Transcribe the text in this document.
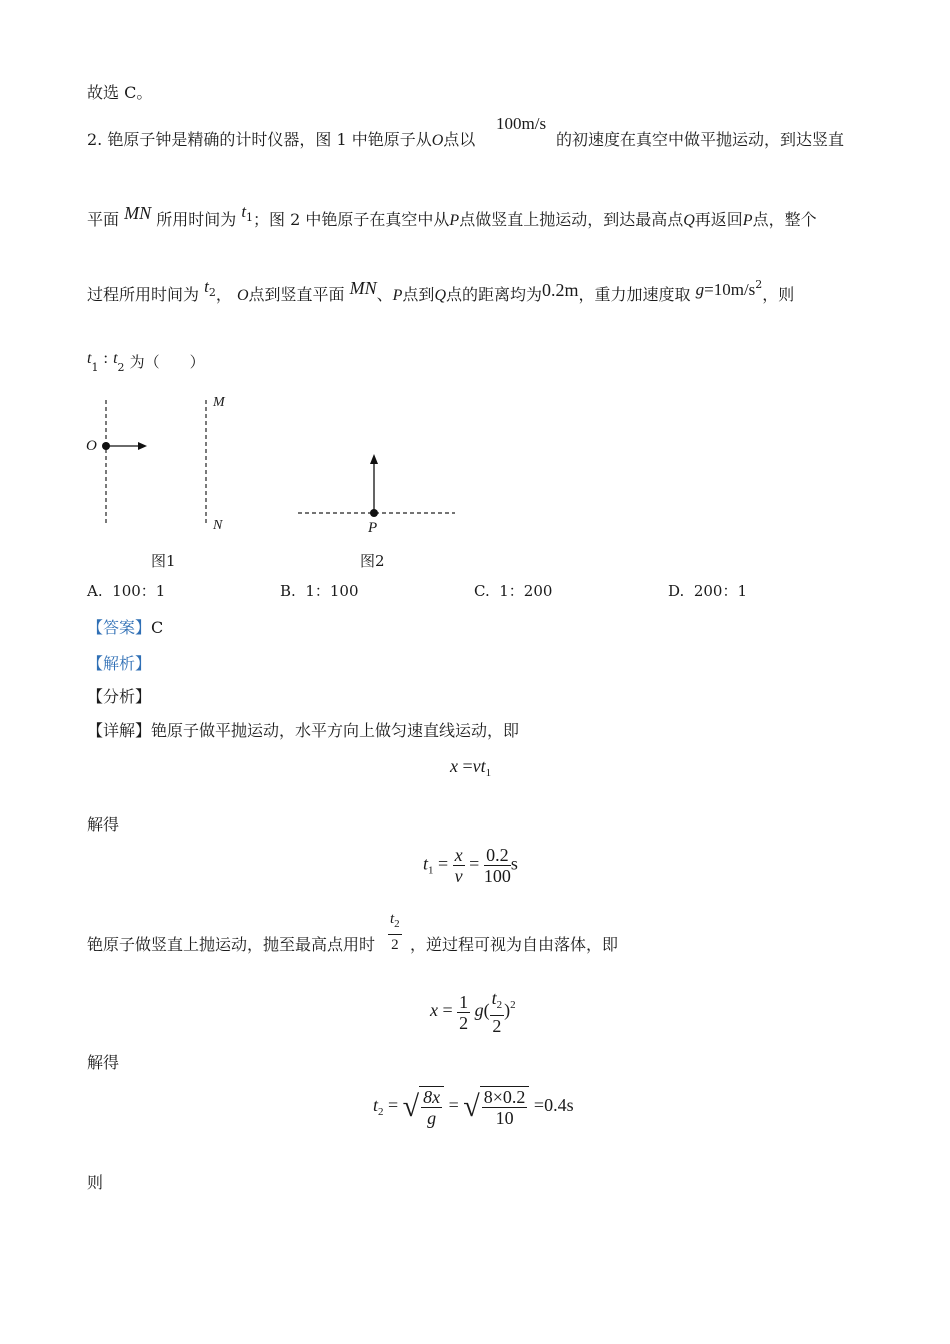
故选 C。
2. 铯原子钟是精确的计时仪器，图 1 中铯原子从O点以
100m/s
的初速度在真空中做平抛运动，到达竖直
平面 MN 所用时间为 $t^1$；图 2 中铯原子在真空中从P点做竖直上抛运动，到达最高点Q再返回P点，整个
过程所用时间为 $t^2$， O点到竖直平面 MN、P点到Q点的距离均为0.2m，重力加速度取 $g=10m/s^2$，则
$t_1$ : $t_2$ 为（　　）
O
M
N	P
图1	图2
A. 100：1	B. 1：100	C. 1：200	D. 200：1
【答案】C
【解析】
【分析】
【详解】铯原子做平抛运动，水平方向上做匀速直线运动，即
$x =vt_1$
解得
$t_1 = \frac{x}{v} = \frac{0.2}{100}$ s
铯原子做竖直上抛运动，抛至最高点用时 $\frac{t_2}{2}$ ，逆过程可视为自由落体，即
$x = \frac{1}{2} g( \frac{t_2}{2} )^2$
解得
$t_2$ = √ $\frac{8x}{g}$ = √ $\frac{8\times 0.2}{10} =0.4s$
则
